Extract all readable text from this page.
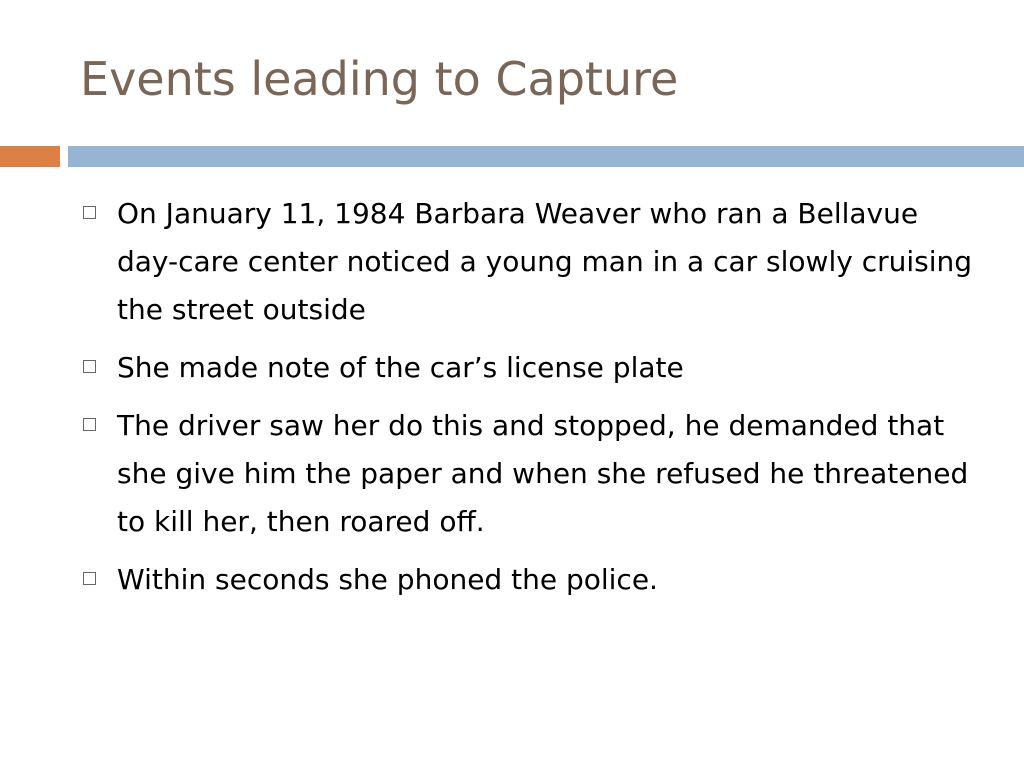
Events leading to Capture
On January 11, 1984 Barbara Weaver who ran a Bellavue day-care center noticed a young man in a car slowly cruising the street outside
She made note of the car’s license plate
The driver saw her do this and stopped, he demanded that she give him the paper and when she refused he threatened to kill her, then roared off.
Within seconds she phoned the police.
